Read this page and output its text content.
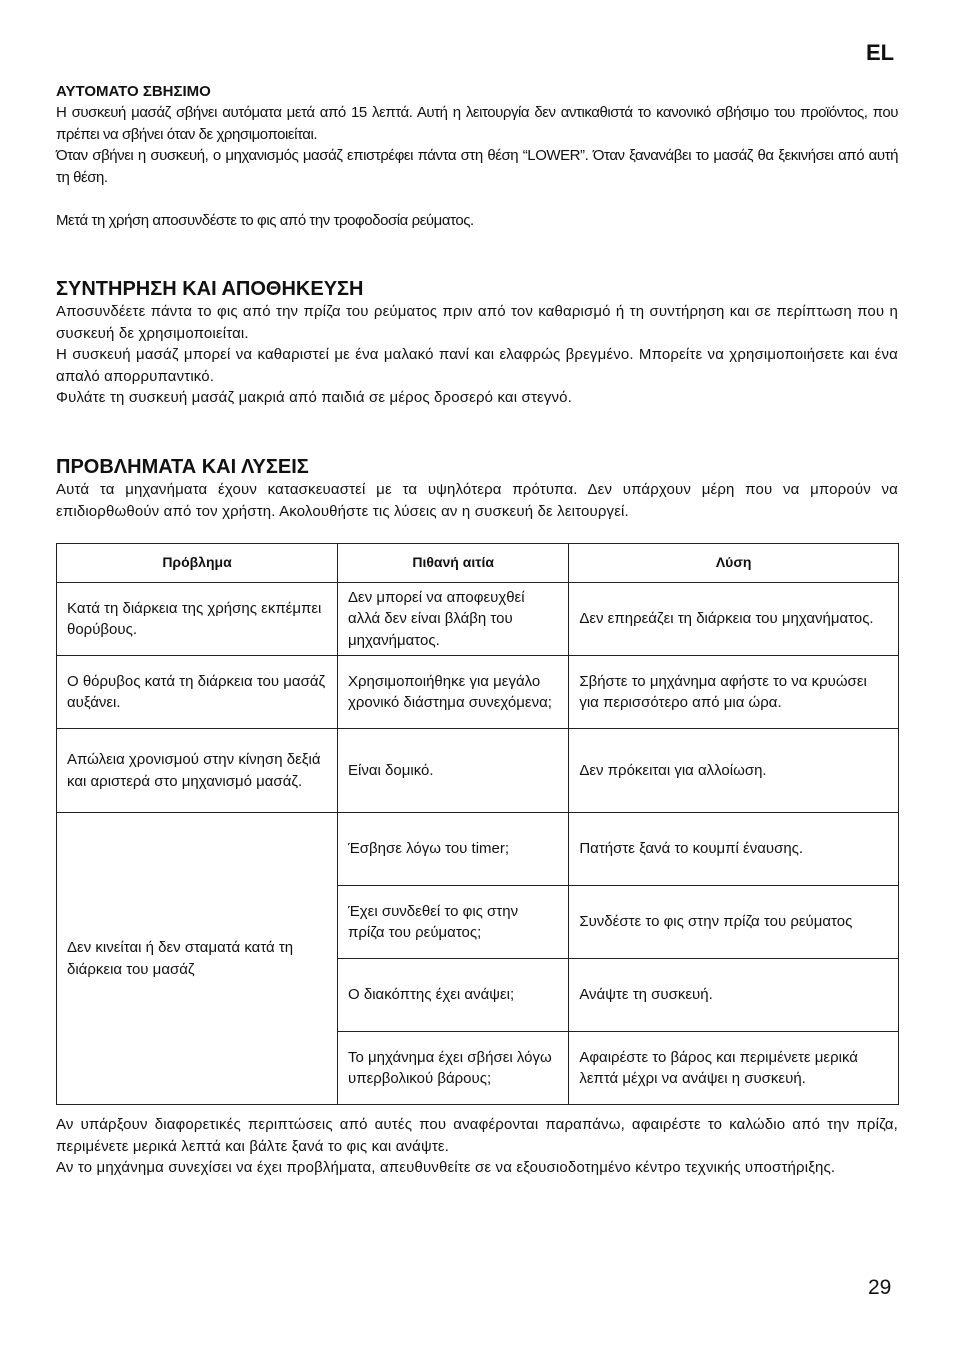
EL

ΑΥΤΟΜΑΤΟ ΣΒΗΣΙΜΟ

Η συσκευή μασάζ σβήνει αυτόματα μετά από 15 λεπτά. Αυτή η λειτουργία δεν αντικαθιστά το κανονικό σβήσιμο του προϊόντος, που πρέπει να σβήνει όταν δε χρησιμοποιείται.

Όταν σβήνει η συσκευή, ο μηχανισμός μασάζ επιστρέφει πάντα στη θέση “LOWER”. Όταν ξανανάβει το μασάζ θα ξεκινήσει από αυτή τη θέση.

Μετά τη χρήση αποσυνδέστε το φις από την τροφοδοσία ρεύματος.

ΣΥΝΤΗΡΗΣΗ ΚΑΙ ΑΠΟΘΗΚΕΥΣΗ

Αποσυνδέετε πάντα το φις από την πρίζα του ρεύματος πριν από τον καθαρισμό ή τη συντήρηση και σε περίπτωση που η συσκευή δε χρησιμοποιείται.

Η συσκευή μασάζ μπορεί να καθαριστεί με ένα μαλακό πανί και ελαφρώς βρεγμένο. Μπορείτε να χρησιμοποιήσετε και ένα απαλό απορρυπαντικό.

Φυλάτε τη συσκευή μασάζ μακριά από παιδιά σε μέρος δροσερό και στεγνό.

ΠΡΟΒΛΗΜΑΤΑ ΚΑΙ ΛΥΣΕΙΣ

Αυτά τα μηχανήματα έχουν κατασκευαστεί με τα υψηλότερα πρότυπα. Δεν υπάρχουν μέρη που να μπορούν να επιδιορθωθούν από τον χρήστη. Ακολουθήστε τις λύσεις αν η συσκευή δε λειτουργεί.

Πρόβλημα	Πιθανή αιτία	Λύση
Κατά τη διάρκεια της χρήσης εκπέμπει θορύβους.	Δεν μπορεί να αποφευχθεί αλλά δεν είναι βλάβη του μηχανήματος.	Δεν επηρεάζει τη διάρκεια του μηχανήματος.
Ο θόρυβος κατά τη διάρκεια του μασάζ αυξάνει.	Χρησιμοποιήθηκε για μεγάλο χρονικό διάστημα συνεχόμενα;	Σβήστε το μηχάνημα αφήστε το να κρυώσει για περισσότερο από μια ώρα.
Απώλεια χρονισμού στην κίνηση δεξιά και αριστερά στο μηχανισμό μασάζ.	Είναι δομικό.	Δεν πρόκειται για αλλοίωση.
Δεν κινείται ή δεν σταματά κατά τη διάρκεια του μασάζ	Έσβησε λόγω του timer;	Πατήστε ξανά το κουμπί έναυσης.
	Έχει συνδεθεί το φις στην πρίζα του ρεύματος;	Συνδέστε το φις στην πρίζα του ρεύματος
	Ο διακόπτης έχει ανάψει;	Ανάψτε τη συσκευή.
	Το μηχάνημα έχει σβήσει λόγω υπερβολικού βάρους;	Αφαιρέστε το βάρος και περιμένετε μερικά λεπτά μέχρι να ανάψει η συσκευή.

Αν υπάρξουν διαφορετικές περιπτώσεις από αυτές που αναφέρονται παραπάνω, αφαιρέστε το καλώδιο από την πρίζα, περιμένετε μερικά λεπτά και βάλτε ξανά το φις και ανάψτε.

Αν το μηχάνημα συνεχίσει να έχει προβλήματα, απευθυνθείτε σε να εξουσιοδοτημένο κέντρο τεχνικής υποστήριξης.

29
